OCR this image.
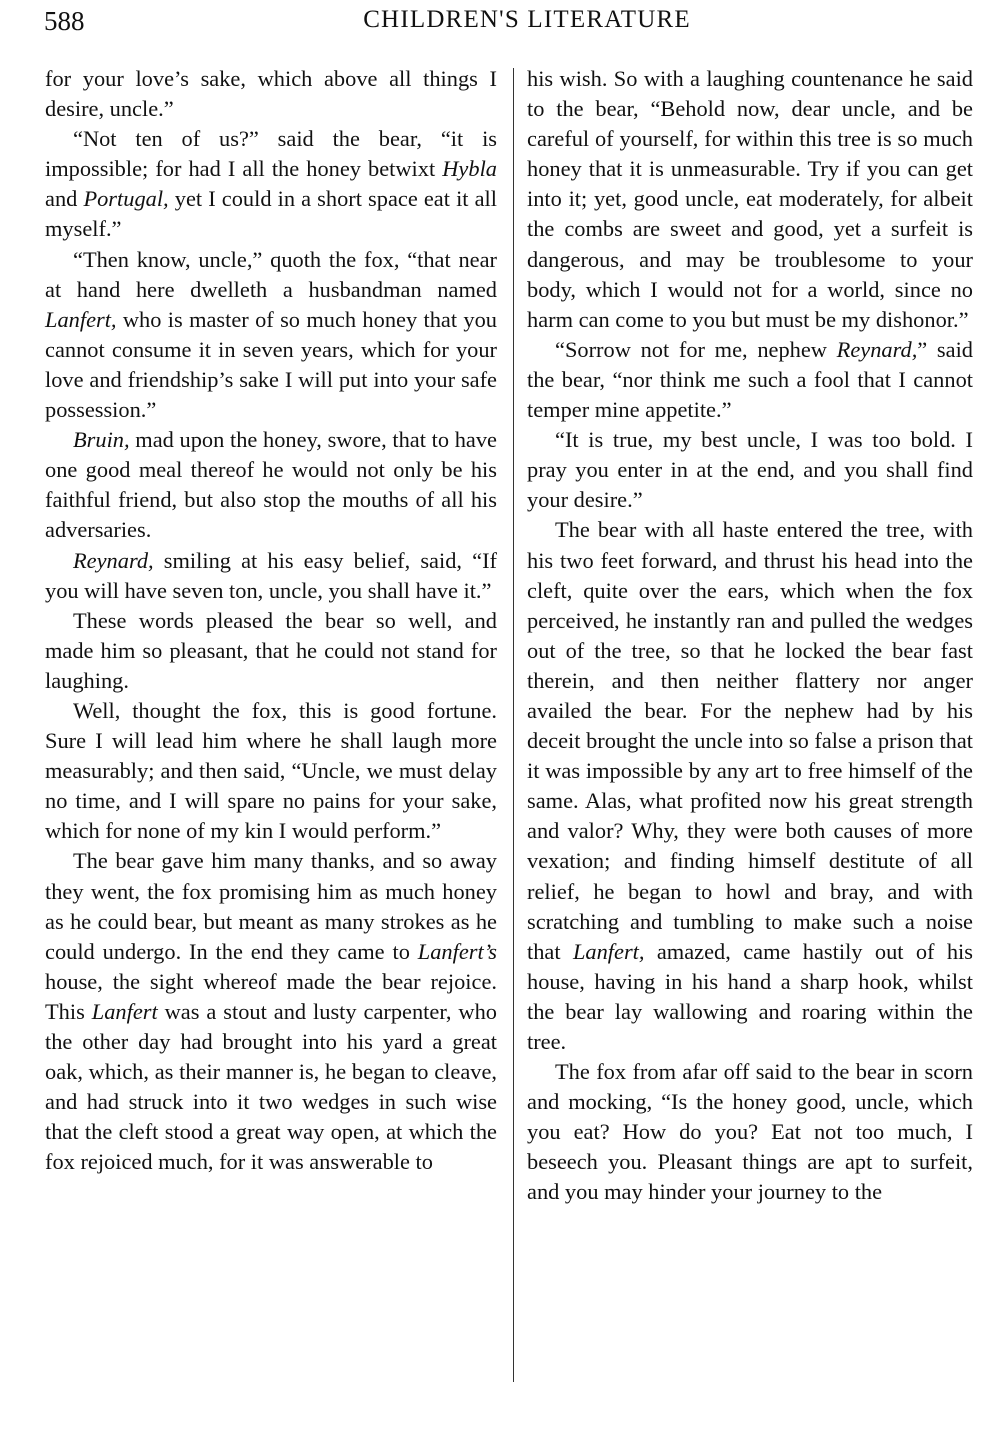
588	CHILDREN'S LITERATURE

for your love’s sake, which above all things I desire, uncle.”

“Not ten of us?” said the bear, “it is impossible; for had I all the honey betwixt Hybla and Portugal, yet I could in a short space eat it all myself.”

“Then know, uncle,” quoth the fox, “that near at hand here dwelleth a husbandman named Lanfert, who is master of so much honey that you cannot consume it in seven years, which for your love and friendship’s sake I will put into your safe possession.”

Bruin, mad upon the honey, swore, that to have one good meal thereof he would not only be his faithful friend, but also stop the mouths of all his adversaries.

Reynard, smiling at his easy belief, said, “If you will have seven ton, uncle, you shall have it.”

These words pleased the bear so well, and made him so pleasant, that he could not stand for laughing.

Well, thought the fox, this is good fortune. Sure I will lead him where he shall laugh more measurably; and then said, “Uncle, we must delay no time, and I will spare no pains for your sake, which for none of my kin I would perform.”

The bear gave him many thanks, and so away they went, the fox promising him as much honey as he could bear, but meant as many strokes as he could undergo. In the end they came to Lanfert’s house, the sight whereof made the bear rejoice. This Lanfert was a stout and lusty carpenter, who the other day had brought into his yard a great oak, which, as their manner is, he began to cleave, and had struck into it two wedges in such wise that the cleft stood a great way open, at which the fox rejoiced much, for it was answerable to

his wish. So with a laughing countenance he said to the bear, “Behold now, dear uncle, and be careful of yourself, for within this tree is so much honey that it is unmeasurable. Try if you can get into it; yet, good uncle, eat moderately, for albeit the combs are sweet and good, yet a surfeit is dangerous, and may be troublesome to your body, which I would not for a world, since no harm can come to you but must be my dishonor.”

“Sorrow not for me, nephew Reynard,” said the bear, “nor think me such a fool that I cannot temper mine appetite.”

“It is true, my best uncle, I was too bold. I pray you enter in at the end, and you shall find your desire.”

The bear with all haste entered the tree, with his two feet forward, and thrust his head into the cleft, quite over the ears, which when the fox perceived, he instantly ran and pulled the wedges out of the tree, so that he locked the bear fast therein, and then neither flattery nor anger availed the bear. For the nephew had by his deceit brought the uncle into so false a prison that it was impossible by any art to free himself of the same. Alas, what profited now his great strength and valor? Why, they were both causes of more vexation; and finding himself destitute of all relief, he began to howl and bray, and with scratching and tumbling to make such a noise that Lanfert, amazed, came hastily out of his house, having in his hand a sharp hook, whilst the bear lay wallowing and roaring within the tree.

The fox from afar off said to the bear in scorn and mocking, “Is the honey good, uncle, which you eat? How do you? Eat not too much, I beseech you. Pleasant things are apt to surfeit, and you may hinder your journey to the
